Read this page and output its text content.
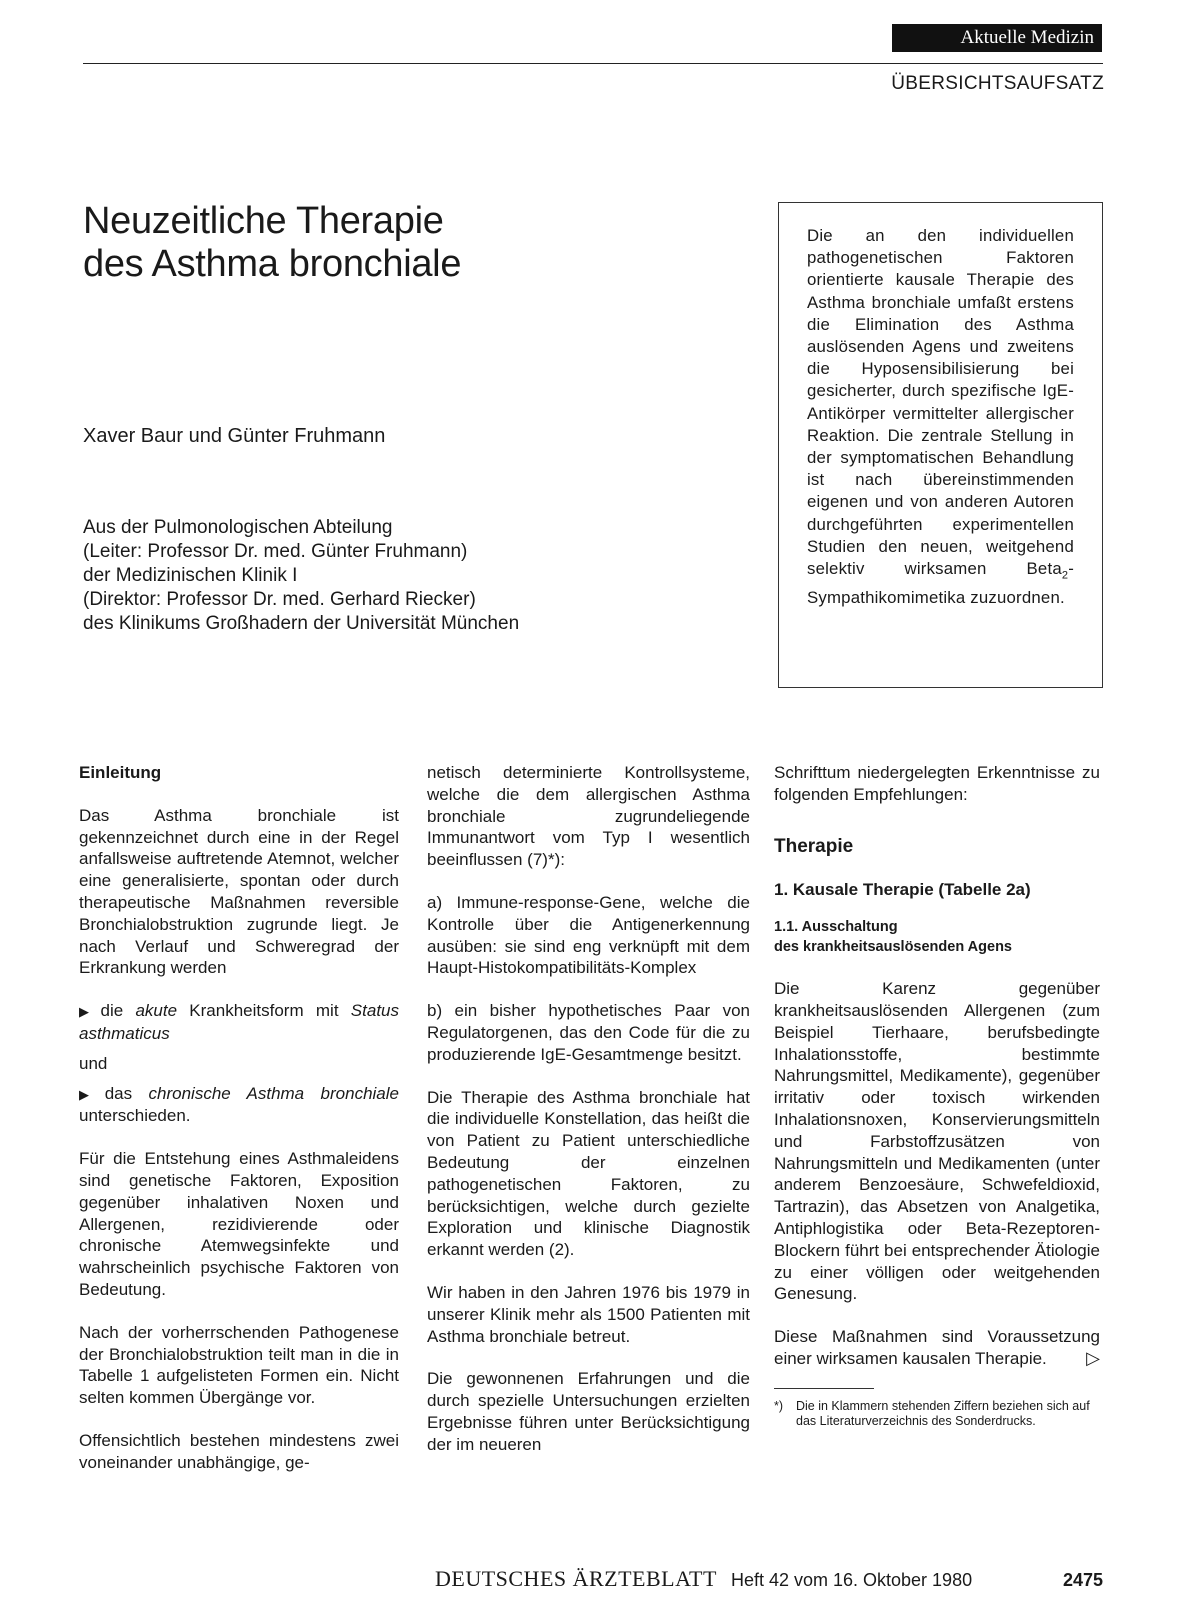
Aktuelle Medizin
ÜBERSICHTSAUFSATZ
Neuzeitliche Therapie
des Asthma bronchiale
Xaver Baur und Günter Fruhmann
Aus der Pulmonologischen Abteilung
(Leiter: Professor Dr. med. Günter Fruhmann)
der Medizinischen Klinik I
(Direktor: Professor Dr. med. Gerhard Riecker)
des Klinikums Großhadern der Universität München

Die an den individuellen pathogenetischen Faktoren orientierte kausale Therapie des Asthma bronchiale umfaßt erstens die Elimination des Asthma auslösenden Agens und zweitens die Hyposensibilisierung bei gesicherter, durch spezifische IgE-Antikörper vermittelter allergischer Reaktion. Die zentrale Stellung in der symptomatischen Behandlung ist nach übereinstimmenden eigenen und von anderen Autoren durchgeführten experimentellen Studien den neuen, weitgehend selektiv wirksamen Beta$_2$-Sympathikomimetika zuzuordnen.

Einleitung

Das Asthma bronchiale ist gekennzeichnet durch eine in der Regel anfallsweise auftretende Atemnot, welcher eine generalisierte, spontan oder durch therapeutische Maßnahmen reversible Bronchialobstruktion zugrunde liegt. Je nach Verlauf und Schweregrad der Erkrankung werden

▶ die akute Krankheitsform mit Status asthmaticus

und

▶ das chronische Asthma bronchiale unterschieden.

Für die Entstehung eines Asthmaleidens sind genetische Faktoren, Exposition gegenüber inhalativen Noxen und Allergenen, rezidivierende oder chronische Atemwegsinfekte und wahrscheinlich psychische Faktoren von Bedeutung.

Nach der vorherrschenden Pathogenese der Bronchialobstruktion teilt man in die in Tabelle 1 aufgelisteten Formen ein. Nicht selten kommen Übergänge vor.

Offensichtlich bestehen mindestens zwei voneinander unabhängige, ge-

netisch determinierte Kontrollsysteme, welche die dem allergischen Asthma bronchiale zugrundeliegende Immunantwort vom Typ I wesentlich beeinflussen (7)*):

a) Immune-response-Gene, welche die Kontrolle über die Antigenerkennung ausüben: sie sind eng verknüpft mit dem Haupt-Histokompatibilitäts-Komplex

b) ein bisher hypothetisches Paar von Regulatorgenen, das den Code für die zu produzierende IgE-Gesamtmenge besitzt.

Die Therapie des Asthma bronchiale hat die individuelle Konstellation, das heißt die von Patient zu Patient unterschiedliche Bedeutung der einzelnen pathogenetischen Faktoren, zu berücksichtigen, welche durch gezielte Exploration und klinische Diagnostik erkannt werden (2).

Wir haben in den Jahren 1976 bis 1979 in unserer Klinik mehr als 1500 Patienten mit Asthma bronchiale betreut.

Die gewonnenen Erfahrungen und die durch spezielle Untersuchungen erzielten Ergebnisse führen unter Berücksichtigung der im neueren

Schrifttum niedergelegten Erkenntnisse zu folgenden Empfehlungen:

Therapie
1. Kausale Therapie (Tabelle 2a)
1.1. Ausschaltung
des krankheitsauslösenden Agens

Die Karenz gegenüber krankheitsauslösenden Allergenen (zum Beispiel Tierhaare, berufsbedingte Inhalationsstoffe, bestimmte Nahrungsmittel, Medikamente), gegenüber irritativ oder toxisch wirkenden Inhalationsnoxen, Konservierungsmitteln und Farbstoffzusätzen von Nahrungsmitteln und Medikamenten (unter anderem Benzoesäure, Schwefeldioxid, Tartrazin), das Absetzen von Analgetika, Antiphlogistika oder Beta-Rezeptoren-Blockern führt bei entsprechender Ätiologie zu einer völligen oder weitgehenden Genesung.

Diese Maßnahmen sind Voraussetzung einer wirksamen kausalen Therapie. ▷

*)	Die in Klammern stehenden Ziffern beziehen sich auf das Literaturverzeichnis des Sonderdrucks.
DEUTSCHES ÄRZTEBLATT Heft 42 vom 16. Oktober 1980	2475
